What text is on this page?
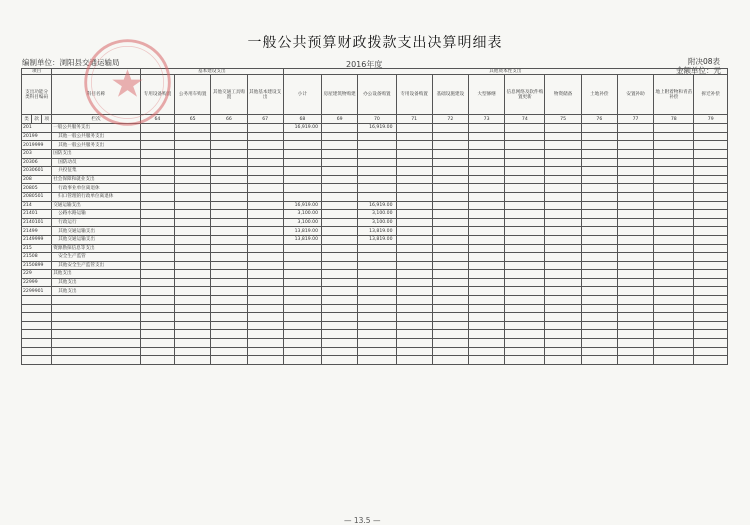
一般公共预算财政拨款支出决算明细表
编制单位：浏阳县交通运输局	2016年度	附决08表
金额单位：元
项目				基本建设支出				其他资本性支出											
支出功能分类科目编码			科目名称	专用设备购置	公务用车购置	其他交通工具购置	其他基本建设支出	小计	房屋建筑物购建	办公设备购置	专用设备购置	基础设施建设	大型修缮	信息网络及软件购置更新	物资储备	土地补偿	安置补助	地上附着物和青苗补偿	拆迁补偿
类	款	项	栏次	64	65	66	67	68	69	70	71	72	73	74	75	76	77	78	79
201			一般公共服务支出					16,919.00		16,919.00									
20199			其他一般公共服务支出																
2019999			其他一般公共服务支出																
203			国防支出																
20306			国防动员																
2030601			兵役征集																
208			社会保障和就业支出																
20805			行政事业单位离退休																
2080501			归口管理的行政单位离退休																
214			交通运输支出					16,919.00		16,919.00									
21401			公路水路运输					3,100.00		3,100.00									
2140101			行政运行					3,100.00		3,100.00									
21499			其他交通运输支出					13,819.00		13,819.00									
2149999			其他交通运输支出					13,819.00		13,819.00									
215			资源勘探信息等支出																
21508			安全生产监管																
2150899			其他安全生产监管支出																
229			其他支出																
22999			其他支出																
2299901			其他支出																

— 13.5 —
